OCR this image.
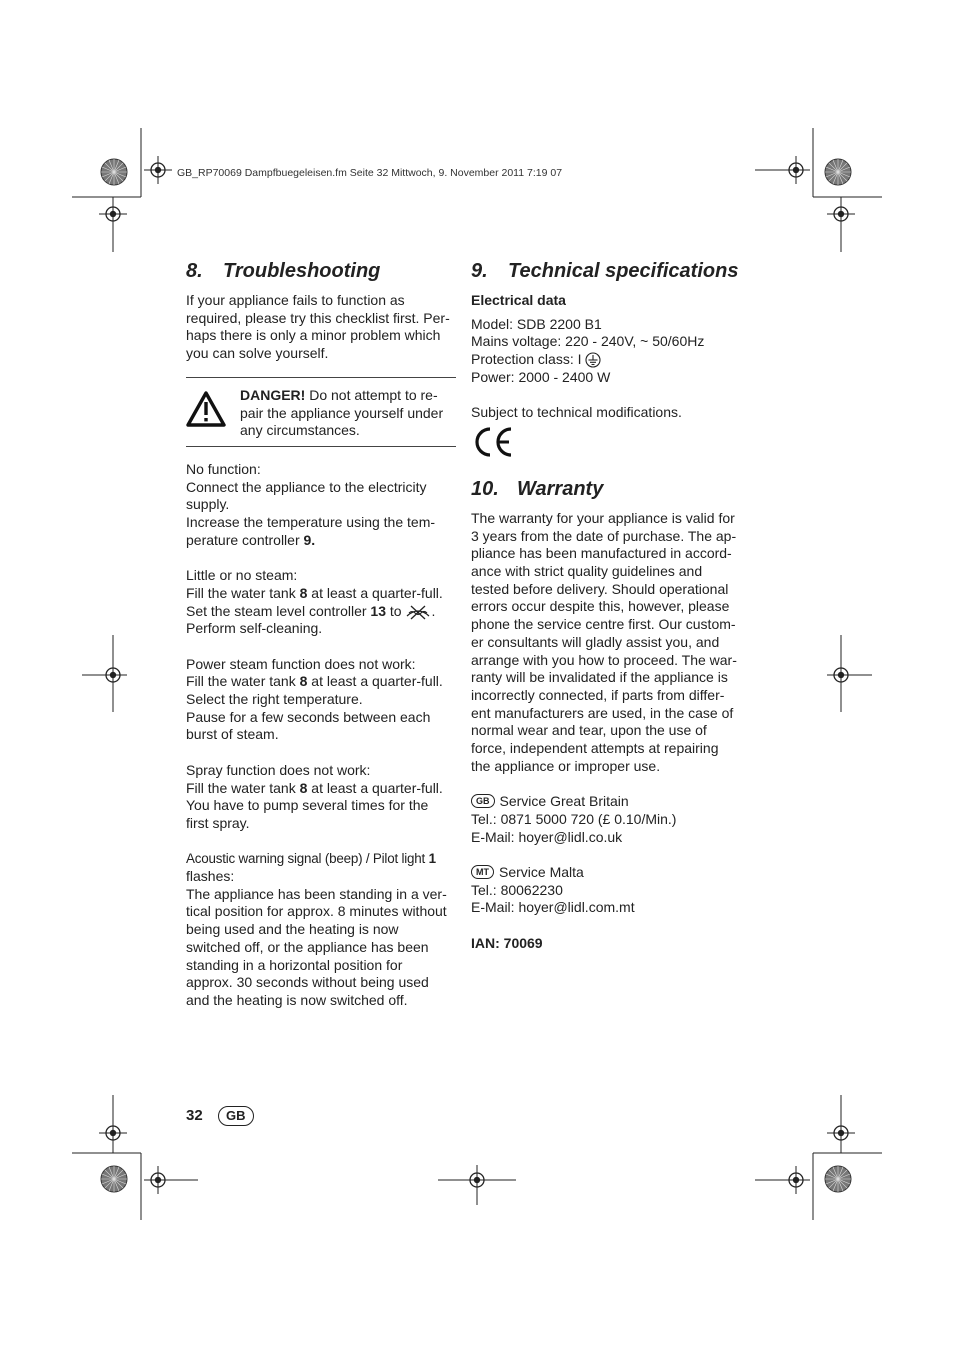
GB_RP70069 Dampfbuegeleisen.fm Seite 32 Mittwoch, 9. November 2011 7:19 07
8. Troubleshooting

If your appliance fails to function as

required, please try this checklist first. Per-

haps there is only a minor problem which

you can solve yourself.

DANGER! Do not attempt to re-

pair the appliance yourself under

any circumstances.

No function:

Connect the appliance to the electricity

supply.

Increase the temperature using the tem-

perature controller 9.

Little or no steam:

Fill the water tank 8 at least a quarter-full.

Set the steam level controller 13 to .

Perform self-cleaning.

Power steam function does not work:

Fill the water tank 8 at least a quarter-full.

Select the right temperature.

Pause for a few seconds between each

burst of steam.

Spray function does not work:

Fill the water tank 8 at least a quarter-full.

You have to pump several times for the

first spray.

Acoustic warning signal (beep) / Pilot light 1

flashes:

The appliance has been standing in a ver-

tical position for approx. 8 minutes without

being used and the heating is now

switched off, or the appliance has been

standing in a horizontal position for

approx. 30 seconds without being used

and the heating is now switched off.

9. Technical specifications

Electrical data

Model: SDB 2200 B1

Mains voltage: 220 - 240V, ~ 50/60Hz

Protection class: I

Power: 2000 - 2400 W

Subject to technical modifications.

10. Warranty

The warranty for your appliance is valid for

3 years from the date of purchase. The ap-

pliance has been manufactured in accord-

ance with strict quality guidelines and

tested before delivery. Should operational

errors occur despite this, however, please

phone the service centre first. Our custom-

er consultants will gladly assist you, and

arrange with you how to proceed. The war-

ranty will be invalidated if the appliance is

incorrectly connected, if parts from differ-

ent manufacturers are used, in the case of

normal wear and tear, upon the use of

force, independent attempts at repairing

the appliance or improper use.

GB Service Great Britain

Tel.: 0871 5000 720 (£ 0.10/Min.)

E-Mail: hoyer@lidl.co.uk

MT Service Malta

Tel.: 80062230

E-Mail: hoyer@lidl.com.mt

IAN: 70069

32	GB
